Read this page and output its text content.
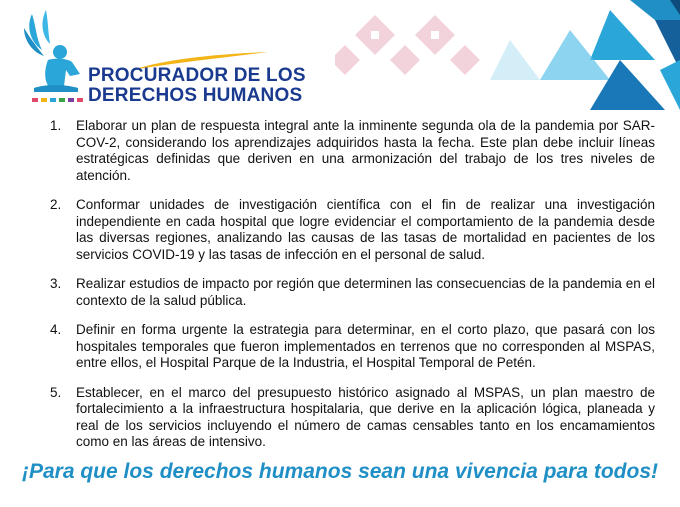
PROCURADOR DE LOS
DERECHOS HUMANOS
1. Elaborar un plan de respuesta integral ante la inminente segunda ola de la pandemia por SAR-COV-2, considerando los aprendizajes adquiridos hasta la fecha. Este plan debe incluir líneas estratégicas definidas que deriven en una armonización del trabajo de los tres niveles de atención.

2. Conformar unidades de investigación científica con el fin de realizar una investigación independiente en cada hospital que logre evidenciar el comportamiento de la pandemia desde las diversas regiones, analizando las causas de las tasas de mortalidad en pacientes de los servicios COVID-19 y las tasas de infección en el personal de salud.

3. Realizar estudios de impacto por región que determinen las consecuencias de la pandemia en el contexto de la salud pública.

4. Definir en forma urgente la estrategia para determinar, en el corto plazo, que pasará con los hospitales temporales que fueron implementados en terrenos que no corresponden al MSPAS, entre ellos, el Hospital Parque de la Industria, el Hospital Temporal de Petén.

5. Establecer, en el marco del presupuesto histórico asignado al MSPAS, un plan maestro de fortalecimiento a la infraestructura hospitalaria, que derive en la aplicación lógica, planeada y real de los servicios incluyendo el número de camas censables tanto en los encamamientos como en las áreas de intensivo.

¡Para que los derechos humanos sean una vivencia para todos!
